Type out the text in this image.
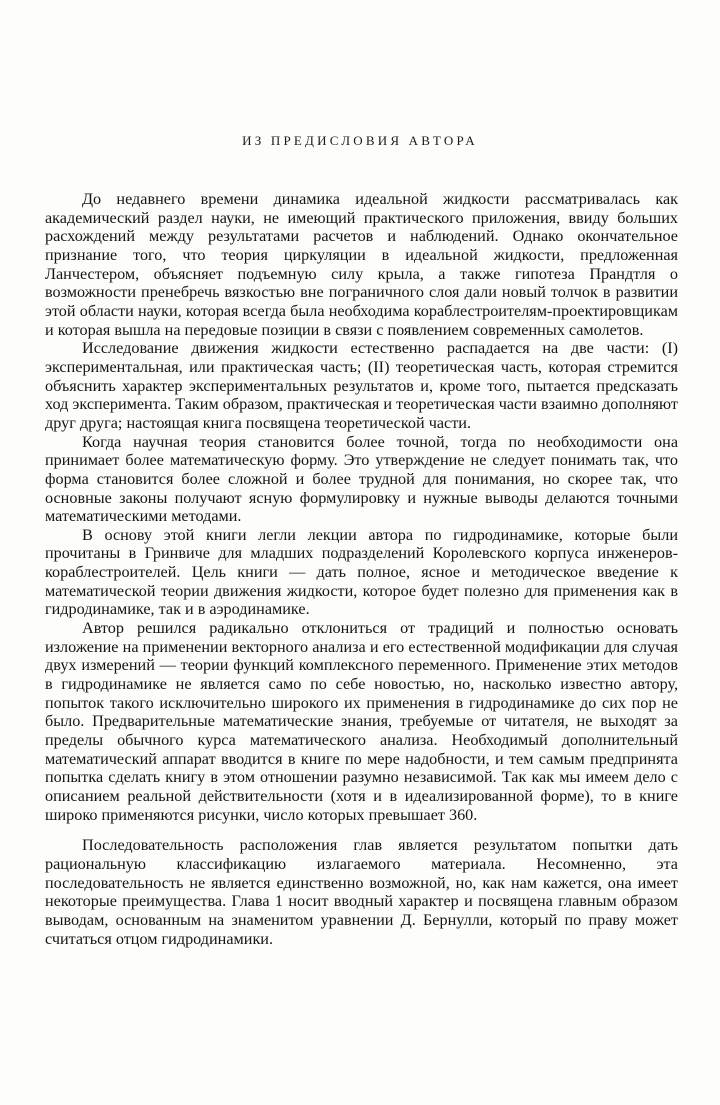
ИЗ ПРЕДИСЛОВИЯ АВТОРА

До недавнего времени динамика идеальной жидкости рассматривалась как академический раздел науки, не имеющий практического приложения, ввиду больших расхождений между результатами расчетов и наблюдений. Однако окончательное признание того, что теория циркуляции в идеальной жидкости, предложенная Ланчестером, объясняет подъемную силу крыла, а также гипотеза Прандтля о возможности пренебречь вязкостью вне пограничного слоя дали новый толчок в развитии этой области науки, которая всегда была необходима кораблестроителям-проектировщикам и которая вышла на передовые позиции в связи с появлением современных самолетов.

Исследование движения жидкости естественно распадается на две части: (I) экспериментальная, или практическая часть; (II) теоретическая часть, которая стремится объяснить характер экспериментальных результатов и, кроме того, пытается предсказать ход эксперимента. Таким образом, практическая и теоретическая части взаимно дополняют друг друга; настоящая книга посвящена теоретической части.

Когда научная теория становится более точной, тогда по необходимости она принимает более математическую форму. Это утверждение не следует понимать так, что форма становится более сложной и более трудной для понимания, но скорее так, что основные законы получают ясную формулировку и нужные выводы делаются точными математическими методами.

В основу этой книги легли лекции автора по гидродинамике, которые были прочитаны в Гринвиче для младших подразделений Королевского корпуса инженеров-кораблестроителей. Цель книги — дать полное, ясное и методическое введение к математической теории движения жидкости, которое будет полезно для применения как в гидродинамике, так и в аэродинамике.

Автор решился радикально отклониться от традиций и полностью основать изложение на применении векторного анализа и его естественной модификации для случая двух измерений — теории функций комплексного переменного. Применение этих методов в гидродинамике не является само по себе новостью, но, насколько известно автору, попыток такого исключительно широкого их применения в гидродинамике до сих пор не было. Предварительные математические знания, требуемые от читателя, не выходят за пределы обычного курса математического анализа. Необходимый дополнительный математический аппарат вводится в книге по мере надобности, и тем самым предпринята попытка сделать книгу в этом отношении разумно независимой. Так как мы имеем дело с описанием реальной действительности (хотя и в идеализированной форме), то в книге широко применяются рисунки, число которых превышает 360.

Последовательность расположения глав является результатом попытки дать рациональную классификацию излагаемого материала. Несомненно, эта последовательность не является единственно возможной, но, как нам кажется, она имеет некоторые преимущества. Глава 1 носит вводный характер и посвящена главным образом выводам, основанным на знаменитом уравнении Д. Бернулли, который по праву может считаться отцом гидродинамики.
